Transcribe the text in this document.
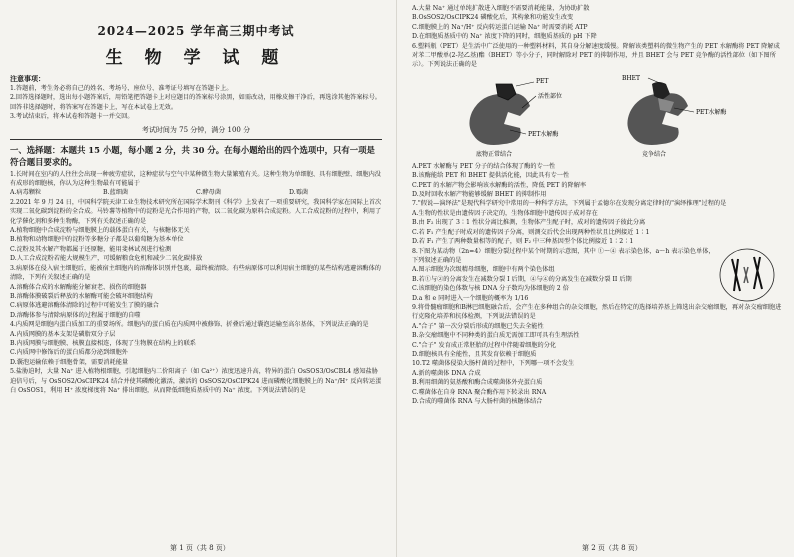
2024—2025 学年高三期中考试
生 物 学 试 题
注意事项：

1.答题前，考生务必将自己的姓名、考场号、座位号、准考证号填写在答题卡上。

2.回答选择题时，选出每小题答案后，用铅笔把答题卡上对应题目的答案标号涂黑，如需改动，用橡皮擦干净后，再选涂其他答案标号。回答非选择题时，将答案写在答题卡上，写在本试卷上无效。

3.考试结束后，将本试卷和答题卡一并交回。

考试时间为 75 分钟，满分 100 分
一、选择题：本题共 15 小题，每小题 2 分，共 30 分。在每小题给出的四个选项中，只有一项是符合题目要求的。

1.长时间在室内的人往往会出现一种疲劳症状，这种症状与空气中某种微生物大量繁殖有关。这种生物为单细胞、具有细胞壁、细胞内没有成形的细胞核，你认为这种生物最有可能属于

A.病毒颗粒	B.蓝细菌	C.酵母菌	D.霉菌

2.2021 年 9 月 24 日，中国科学院天津工业生物技术研究所在国际学术期刊《科学》上发表了一项重要研究，我国科学家在国际上首次实现二氧化碳到淀粉的全合成。马铃薯等植物中的淀粉是光合作用的产物，以二氧化碳为原料合成淀粉。人工合成淀粉的过程中，利用了化学催化剂和多种生物酶，下列有关叙述正确的是

A.植物细胞中合成淀粉与细胞膜上的载体蛋白有关，与核糖体无关

B.植物和动物细胞中的淀粉等多糖分子都是以葡萄糖为基本单位

C.淀粉及其水解产物都属于还原糖，能用斐林试剂进行检测

D.人工合成淀粉若能大规模生产，可缓解粮食危机和减少二氧化碳排放

3.病原体在侵入宿主细胞后，能被宿主细胞内的溶酶体识别并包裹，最终被清除。有些病原体可以利用宿主细胞的某些结构逃避溶酶体的清除，下列有关叙述正确的是

A.溶酶体合成的水解酶能分解衰老、损伤的细胞器

B.溶酶体膜破裂后释放的水解酶可能会破坏细胞结构

C.病原体逃避溶酶体清除的过程中可能发生了膜的融合

D.溶酶体参与清除病原体的过程属于细胞的自噬

4.内质网是细胞内蛋白质加工的重要场所。细胞内的蛋白质在内质网中被修饰、折叠后通过囊泡运输至高尔基体，下列说法正确的是

A.内质网膜的基本支架是磷脂双分子层

B.内质网膜与细胞膜、核膜直接相连，体现了生物膜在结构上的联系

C.内质网中修饰后的蛋白质都分泌到细胞外

D.囊泡运输依赖于细胞骨架，需要消耗能量

5.盐胁迫时，大量 Na⁺ 进入植物根细胞，引起细胞内二价阳离子（如 Ca²⁺）浓度迅速升高，特异的蛋白 OsSOS3/OsCBL4 感知盐胁迫信号后，与 OsSOS2/OsCIPK24 结合并使其磷酸化激活，激活的 OsSOS2/OsCIPK24 进而磷酸化细胞膜上的 Na⁺/H⁺ 反向转运蛋白 OsSOS1，利用 H⁺ 浓度梯度将 Na⁺ 排出细胞，从而降低细胞质基质中的 Na⁺ 浓度。下列说法错误的是

A.大量 Na⁺ 通过单纯扩散进入细胞不需要消耗能量，为协助扩散

B.OsSOS2/OsCIPK24 磷酸化后，其构象和功能发生改变

C.细胞膜上的 Na⁺/H⁺ 反向转运蛋白运输 Na⁺ 时需要消耗 ATP

D.在细胞质基质中的 Na⁺ 浓度下降的同时，细胞质基质的 pH 下降

6.塑料瓶（PET）是生活中广泛使用的一种塑料材料，其自身分解速度缓慢。降解该类塑料的微生物产生的 PET 水解酶将 PET 降解成对苯二甲酸单(2-羟乙基)酯（BHET）等小分子，同时解除对 PET 的抑制作用，并且 BHET 会与 PET 竞争酶的活性部位（如下图所示）。下列说法正确的是

PET
活性部位
PET水解酶
底物正常结合
BHET
PET水解酶
竞争结合

A.PET 水解酶与 PET 分子的结合体现了酶的专一性

B.该酶能给 PET 和 BHET 提供活化能，因此具有专一性

C.PET 的水解产物会影响该水解酶的活性，降低 PET 的降解率

D.及时回收水解产物能够缓解 BHET 的抑制作用

7."假说—演绎法"是现代科学研究中常用的一种科学方法，下列属于孟德尔在发现分离定律时的"演绎推理"过程的是

A.生物的性状是由遗传因子决定的，生物体细胞中遗传因子成对存在

B.由 F₂ 出现了 3∶1 性状分离比推测，生物体产生配子时，成对的遗传因子彼此分离

C.若 F₁ 产生配子时成对的遗传因子分离，则测交后代会出现两种性状且比例接近 1∶1

D.若 F₁ 产生了两种数量相等的配子，则 F₂ 中三种基因型个体比例接近 1∶2∶1

8.下图为某动物（2n=4）细胞分裂过程中某个时期的示意图，其中 ①～④ 表示染色体，a～h 表示染色单体，下列叙述正确的是

A.图示细胞为次级精母细胞，细胞中有两个染色体组

B.若①与②的分离发生在减数分裂 I 后期，④与④的分离发生在减数分裂 II 后期

C.该细胞的染色体数与核 DNA 分子数均为体细胞的 2 倍

D.a 和 e 同时进入一个细胞的概率为 1/16

9.将骨髓瘤细胞和B淋巴细胞融合后，会产生在多种组合的杂交细胞，然后在特定的选择培养基上筛选出杂交瘤细胞，再对杂交瘤细胞进行克隆化培养和抗体检测，下列说法错误的是

A."合子" 第一次分裂后形成的细胞已失去全能性

B.杂交瘤细胞中不同种类的蛋白质无需加工即可具有生理活性

C."合子" 发育成正常胚胎的过程中伴随着细胞的分化

D.细胞核具有全能性，且其发育依赖于细胞质

10.T2 噬菌体侵染大肠杆菌的过程中，下列哪一项不会发生

A.新的噬菌体 DNA 合成

B.利用细菌的氨基酸和酶合成噬菌体外壳蛋白质

C.噬菌体在自身 RNA 聚合酶作用下转录出 RNA

D.合成的噬菌体 RNA 与大肠杆菌的核糖体结合

第 1 页（共 8 页）	第 2 页（共 8 页）
